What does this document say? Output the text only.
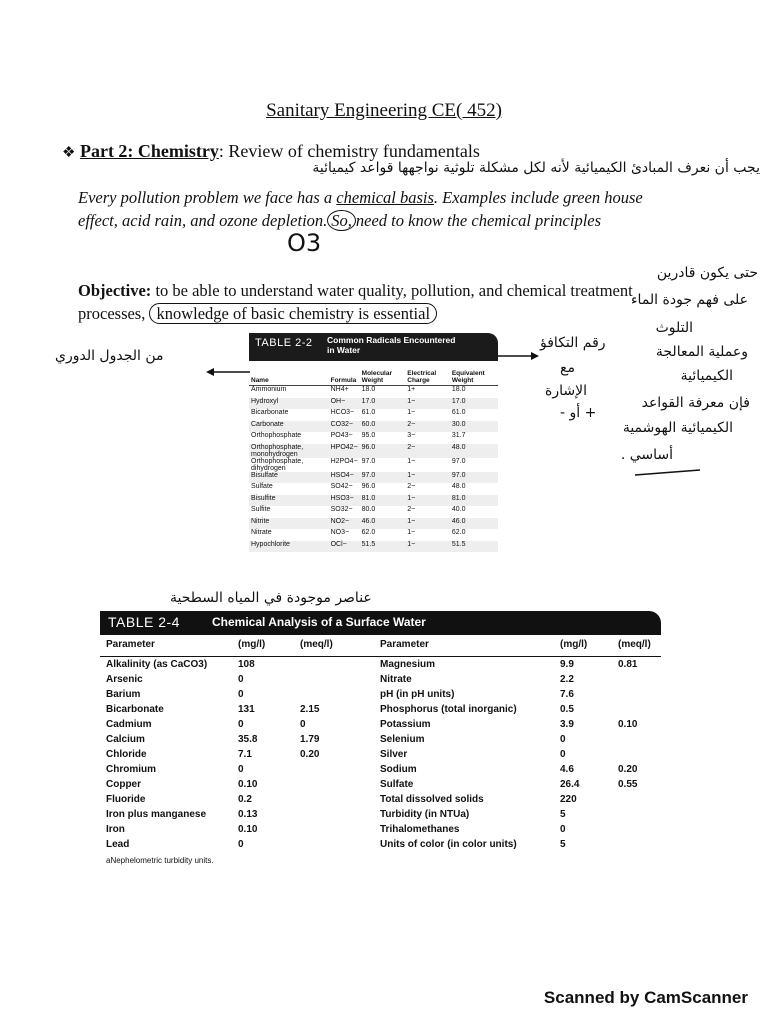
Sanitary Engineering CE( 452)
❖ Part 2: Chemistry: Review of chemistry fundamentals
يجب أن نعرف المبادئ الكيميائية لأنه لكل مشكلة تلوثية نواجهها قواعد كيميائية
Every pollution problem we face has a chemical basis. Examples include green house effect, acid rain, and ozone depletion. So, need to know the chemical principles
O3
Objective: to be able to understand water quality, pollution, and chemical treatment processes, knowledge of basic chemistry is essential
حتى يكون قادرين
على فهم جودة الماء
التلوث
وعملية المعالجة
الكيميائية
فإن معرفة القواعد
الكيميائية الهوشمية
أساسي .
من الجدول الدوري
رقم التكافؤ
مع
الإشارة
+ أو -
عناصر موجودة في المياه السطحية
TABLE 2-2 Common Radicals Encountered
in Water
Name	Formula	Molecular Weight	Electrical Charge	Equivalent Weight
Ammonium	NH4+	18.0	1+	18.0
Hydroxyl	OH−	17.0	1−	17.0
Bicarbonate	HCO3−	61.0	1−	61.0
Carbonate	CO32−	60.0	2−	30.0
Orthophosphate	PO43−	95.0	3−	31.7
Orthophosphate, monohydrogen	HPO42−	96.0	2−	48.0
Orthophosphate, dihydrogen	H2PO4−	97.0	1−	97.0
Bisulfate	HSO4−	97.0	1−	97.0
Sulfate	SO42−	96.0	2−	48.0
Bisulfite	HSO3−	81.0	1−	81.0
Sulfite	SO32−	80.0	2−	40.0
Nitrite	NO2−	46.0	1−	46.0
Nitrate	NO3−	62.0	1−	62.0
Hypochlorite	OCl−	51.5	1−	51.5
TABLE 2-4	Chemical Analysis of a Surface Water
Parameter	(mg/l)	(meq/l)	Parameter	(mg/l)	(meq/l)
Alkalinity (as CaCO3)	108		Magnesium	9.9	0.81
Arsenic	0		Nitrate	2.2	
Barium	0		pH (in pH units)	7.6	
Bicarbonate	131	2.15	Phosphorus (total inorganic)	0.5	
Cadmium	0	0	Potassium	3.9	0.10
Calcium	35.8	1.79	Selenium	0	
Chloride	7.1	0.20	Silver	0	
Chromium	0		Sodium	4.6	0.20
Copper	0.10		Sulfate	26.4	0.55
Fluoride	0.2		Total dissolved solids	220	
Iron plus manganese	0.13		Turbidity (in NTUa)	5	
Iron	0.10		Trihalomethanes	0	
Lead	0		Units of color (in color units)	5	
aNephelometric turbidity units.
Scanned by CamScanner
